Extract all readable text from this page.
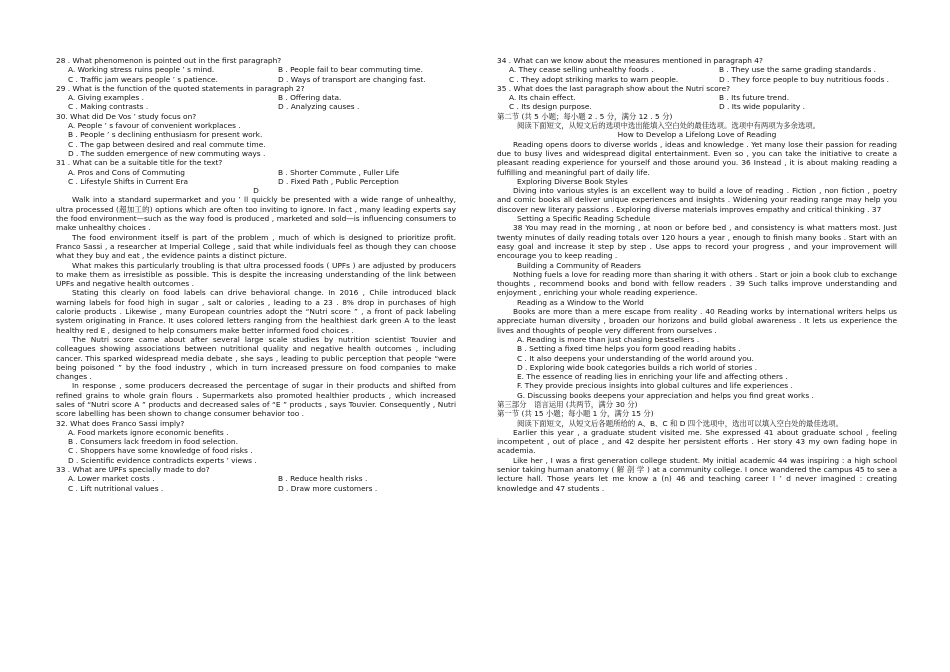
28 . What phenomenon is pointed out in the first paragraph?

A. Working stress ruins people ’ s mind.	B . People fail to bear commuting time.
C . Traffic jam wears people ’ s patience.	D . Ways of transport are changing fast.

29 . What is the function of the quoted statements in paragraph 2?

A. Giving examples .	B . Offering data.
C . Making contrasts .	D . Analyzing causes .

30. What did De Vos ’ study focus on?

A. People ’ s favour of convenient workplaces .

B . People ’ s declining enthusiasm for present work.

C . The gap between desired and real commute time.

D . The sudden emergence of new commuting ways .

31 . What can be a suitable title for the text?

A. Pros and Cons of Commuting	B . Shorter Commute , Fuller Life
C . Lifestyle Shifts in Current Era	D . Fixed Path , Public Perception

D

Walk into a standard supermarket and you ’ ll quickly be presented with a wide range of unhealthy, ultra processed (超加工的) options which are often too inviting to ignore. In fact , many leading experts say the food environment—such as the way food is produced , marketed and sold—is influencing consumers to make unhealthy choices .

The food environment itself is part of the problem , much of which is designed to prioritize profit. Franco Sassi , a researcher at Imperial College , said that while individuals feel as though they can choose what they buy and eat , the evidence paints a distinct picture.

What makes this particularly troubling is that ultra processed foods ( UPFs ) are adjusted by producers to make them as irresistible as possible. This is despite the increasing understanding of the link between UPFs and negative health outcomes .

Stating this clearly on food labels can drive behavioral change. In 2016 , Chile introduced black warning labels for food high in sugar , salt or calories , leading to a 23 . 8% drop in purchases of high calorie products . Likewise , many European countries adopt the “Nutri score ” , a front of pack labeling system originating in France. It uses colored letters ranging from the healthiest dark green A to the least healthy red E , designed to help consumers make better informed food choices .

The Nutri score came about after several large scale studies by nutrition scientist Touvier and colleagues showing associations between nutritional quality and negative health outcomes , including cancer. This sparked widespread media debate , she says , leading to public perception that people “were being poisoned ” by the food industry , which in turn increased pressure on food companies to make changes .

In response , some producers decreased the percentage of sugar in their products and shifted from refined grains to whole grain flours . Supermarkets also promoted healthier products , which increased sales of “Nutri score A ” products and decreased sales of “E ” products , says Touvier. Consequently , Nutri score labelling has been shown to change consumer behavior too .

32. What does Franco Sassi imply?

A. Food markets ignore economic benefits .

B . Consumers lack freedom in food selection.

C . Shoppers have some knowledge of food risks .

D . Scientific evidence contradicts experts ’ views .

33 . What are UPFs specially made to do?

A. Lower market costs .	B . Reduce health risks .
C . Lift nutritional values .	D . Draw more customers .

34 . What can we know about the measures mentioned in paragraph 4?

A. They cease selling unhealthy foods .	B . They use the same grading standards .
C . They adopt striking marks to warn people.	D . They force people to buy nutritious foods .

35 . What does the last paragraph show about the Nutri score?

A. Its chain effect.	B . Its future trend.
C . Its design purpose.	D . Its wide popularity .

第二节 (共 5 小题；每小题 2 . 5 分，满分 12 . 5 分)

阅读下面短文，从短文后的选项中选出能填入空白处的最佳选项。选项中有两项为多余选项。

How to Develop a Lifelong Love of Reading

Reading opens doors to diverse worlds , ideas and knowledge . Yet many lose their passion for reading due to busy lives and widespread digital entertainment. Even so , you can take the initiative to create a pleasant reading experience for yourself and those around you. 36 Instead , it is about making reading a fulfilling and meaningful part of daily life.

Exploring Diverse Book Styles

Diving into various styles is an excellent way to build a love of reading . Fiction , non fiction , poetry and comic books all deliver unique experiences and insights . Widening your reading range may help you discover new literary passions . Exploring diverse materials improves empathy and critical thinking . 37

Setting a Specific Reading Schedule

38 You may read in the morning , at noon or before bed , and consistency is what matters most. Just twenty minutes of daily reading totals over 120 hours a year , enough to finish many books . Start with an easy goal and increase it step by step . Use apps to record your progress , and your improvement will encourage you to keep reading .

Building a Community of Readers

Nothing fuels a love for reading more than sharing it with others . Start or join a book club to exchange thoughts , recommend books and bond with fellow readers . 39 Such talks improve understanding and enjoyment , enriching your whole reading experience.

Reading as a Window to the World

Books are more than a mere escape from reality . 40 Reading works by international writers helps us appreciate human diversity , broaden our horizons and build global awareness . It lets us experience the lives and thoughts of people very different from ourselves .

A. Reading is more than just chasing bestsellers .

B . Setting a fixed time helps you form good reading habits .

C . It also deepens your understanding of the world around you.

D . Exploring wide book categories builds a rich world of stories .

E. The essence of reading lies in enriching your life and affecting others .

F. They provide precious insights into global cultures and life experiences .

G. Discussing books deepens your appreciation and helps you find great works .

第三部分　语言运用 (共两节，满分 30 分)

第一节 (共 15 小题；每小题 1 分，满分 15 分)

阅读下面短文，从短文后各题所给的 A、B、C 和 D 四个选项中，选出可以填入空白处的最佳选项。

Earlier this year , a graduate student visited me. She expressed 41 about graduate school , feeling incompetent , out of place , and 42 despite her persistent efforts . Her story 43 my own fading hope in academia.

Like her , I was a first generation college student. My initial academic 44 was inspiring : a high school senior taking human anatomy ( 解 剖 学 ) at a community college. I once wandered the campus 45 to see a lecture hall. Those years let me know a (n) 46 and teaching career I ’ d never imagined : creating knowledge and 47 students .
